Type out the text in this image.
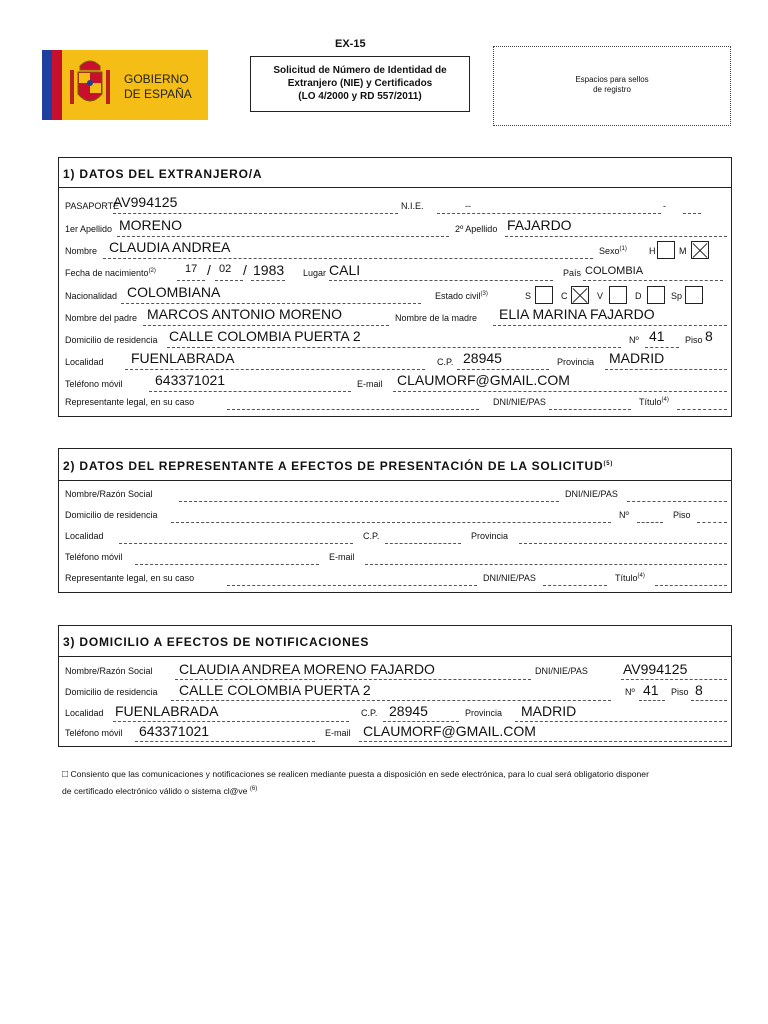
GOBIERNO
DE ESPAÑA
EX-15
Solicitud de Número de Identidad de
Extranjero (NIE) y Certificados
(LO 4/2000 y RD 557/2011)
Espacios para sellos
de registro
1) DATOS DEL EXTRANJERO/A
PASAPORTE
AV994125	N.I.E.	--	-
1er Apellido MORENO	2º Apellido FAJARDO
Nombre CLAUDIA ANDREA	Sexo$^{(1)}$ H	M
Fecha de nacimiento$^{(2)}$	17 / 02 / 1983 Lugar CALI	País COLOMBIA
Nacionalidad COLOMBIANA	Estado civil$^{(3)}$	S	C	V	D	Sp
Nombre del padre MARCOS ANTONIO MORENO	Nombre de la madre ELIA MARINA FAJARDO
Domicilio de residencia CALLE COLOMBIA PUERTA 2	Nº 41 Piso 8
Localidad FUENLABRADA	C.P. 28945	Provincia MADRID
Teléfono móvil 643371021	E-mail CLAUMORF@GMAIL.COM
Representante legal, en su caso	DNI/NIE/PAS	Título$^{(4)}$
2) DATOS DEL REPRESENTANTE A EFECTOS DE PRESENTACIÓN DE LA SOLICITUD$^{(5)}$
Nombre/Razón Social	DNI/NIE/PAS
Domicilio de residencia	Nº	Piso
Localidad	C.P.	Provincia
Teléfono móvil	E-mail
Representante legal, en su caso	DNI/NIE/PAS	Título$^{(4)}$
3) DOMICILIO A EFECTOS DE NOTIFICACIONES
Nombre/Razón Social CLAUDIA ANDREA MORENO FAJARDO	DNI/NIE/PAS	AV994125
Domicilio de residencia CALLE COLOMBIA PUERTA 2	Nº 41 Piso 8
Localidad FUENLABRADA	C.P. 28945	Provincia MADRID
Teléfono móvil 643371021	E-mail CLAUMORF@GMAIL.COM
□ Consiento que las comunicaciones y notificaciones se realicen mediante puesta a disposición en sede electrónica, para lo cual será obligatorio disponer
de certificado electrónico válido o sistema cl@ve $^{(6)}$
